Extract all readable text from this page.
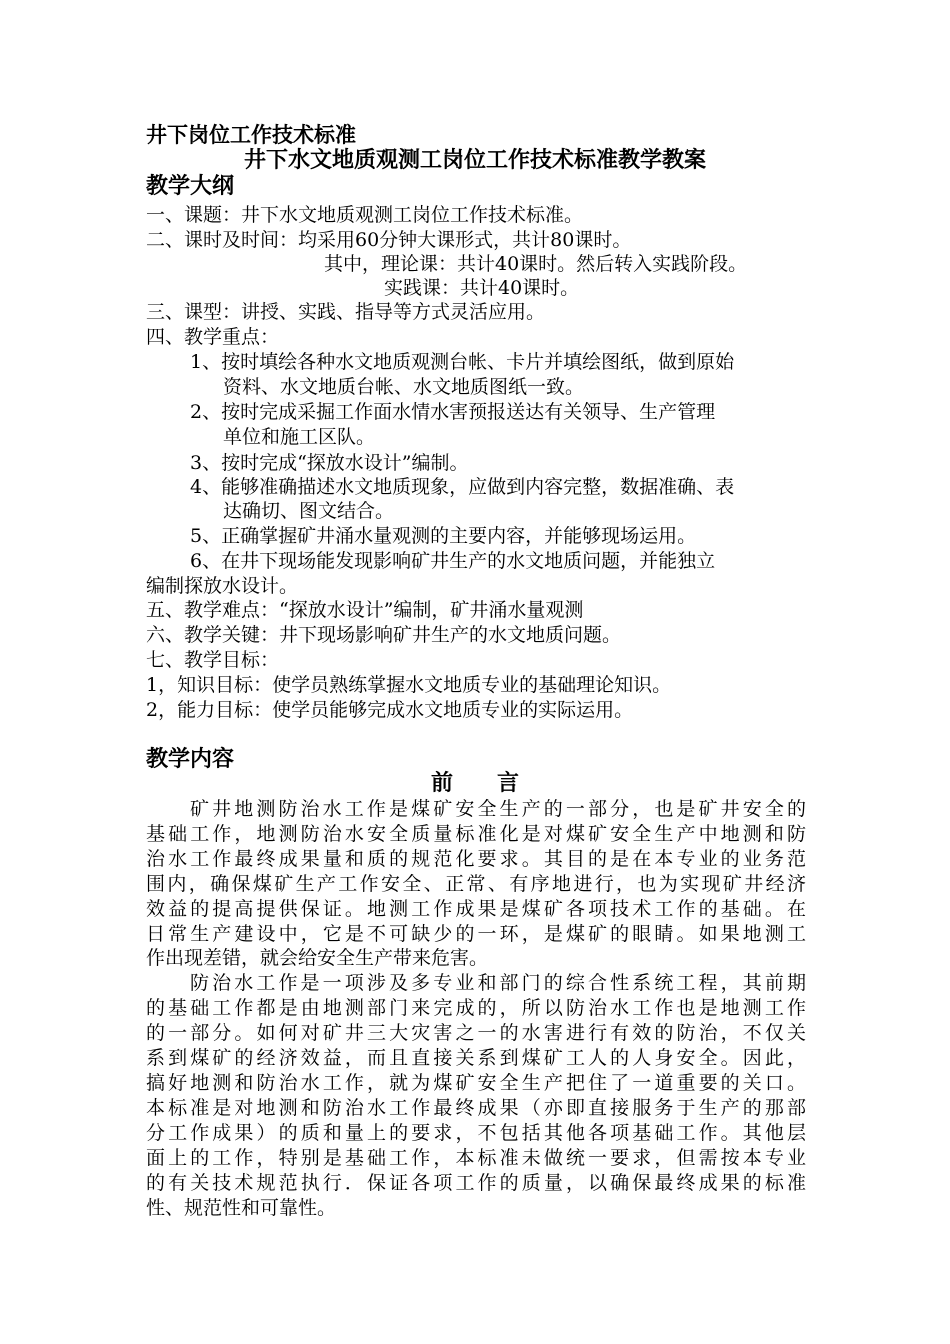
井下岗位工作技术标准
井下水文地质观测工岗位工作技术标准教学教案
教学大纲
一、课题：井下水文地质观测工岗位工作技术标准。
二、课时及时间：均采用60分钟大课形式，共计80课时。
其中，理论课：共计40课时。然后转入实践阶段。
实践课：共计40课时。
三、课型：讲授、实践、指导等方式灵活应用。
四、教学重点：
1、按时填绘各种水文地质观测台帐、卡片并填绘图纸，做到原始
资料、水文地质台帐、水文地质图纸一致。
2、按时完成采掘工作面水情水害预报送达有关领导、生产管理
单位和施工区队。
3、按时完成“探放水设计”编制。
4、能够准确描述水文地质现象，应做到内容完整，数据准确、表
达确切、图文结合。
5、正确掌握矿井涌水量观测的主要内容，并能够现场运用。
6、在井下现场能发现影响矿井生产的水文地质问题，并能独立
编制探放水设计。
五、教学难点：“探放水设计”编制，矿井涌水量观测
六、教学关键：井下现场影响矿井生产的水文地质问题。
七、教学目标：
1，知识目标：使学员熟练掌握水文地质专业的基础理论知识。
2，能力目标：使学员能够完成水文地质专业的实际运用。
教学内容
前　　言
矿井地测防治水工作是煤矿安全生产的一部分，也是矿井安全的
基础工作，地测防治水安全质量标准化是对煤矿安全生产中地测和防
治水工作最终成果量和质的规范化要求。其目的是在本专业的业务范
围内，确保煤矿生产工作安全、正常、有序地进行，也为实现矿井经济
效益的提高提供保证。地测工作成果是煤矿各项技术工作的基础。在
日常生产建设中，它是不可缺少的一环，是煤矿的眼睛。如果地测工
作出现差错，就会给安全生产带来危害。
防治水工作是一项涉及多专业和部门的综合性系统工程，其前期
的基础工作都是由地测部门来完成的，所以防治水工作也是地测工作
的一部分。如何对矿井三大灾害之一的水害进行有效的防治，不仅关
系到煤矿的经济效益，而且直接关系到煤矿工人的人身安全。因此，
搞好地测和防治水工作，就为煤矿安全生产把住了一道重要的关口。
本标准是对地测和防治水工作最终成果（亦即直接服务于生产的那部
分工作成果）的质和量上的要求，不包括其他各项基础工作。其他层
面上的工作，特别是基础工作，本标准未做统一要求，但需按本专业
的有关技术规范执行．保证各项工作的质量，以确保最终成果的标准
性、规范性和可靠性。
